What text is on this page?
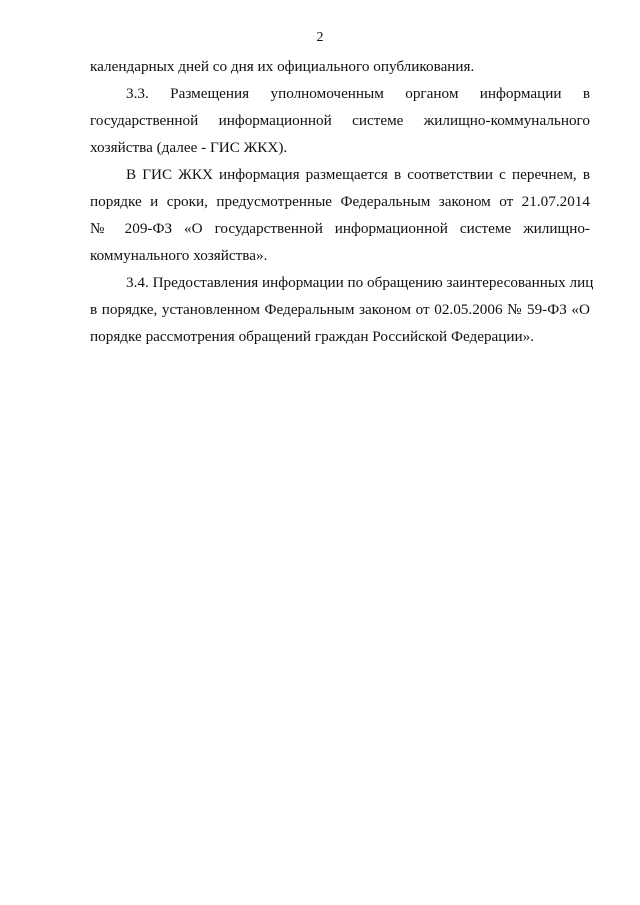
2
календарных дней со дня их официального опубликования.
3.3. Размещения уполномоченным органом информации в
государственной информационной системе жилищно-коммунального
хозяйства (далее - ГИС ЖКХ).
В ГИС ЖКХ информация размещается в соответствии с перечнем, в
порядке и сроки, предусмотренные Федеральным законом от 21.07.2014
№ 209-ФЗ «О государственной информационной системе жилищно-
коммунального хозяйства».
3.4. Предоставления информации по обращению заинтересованных лиц
в порядке, установленном Федеральным законом от 02.05.2006 № 59-ФЗ «О
порядке рассмотрения обращений граждан Российской Федерации».
